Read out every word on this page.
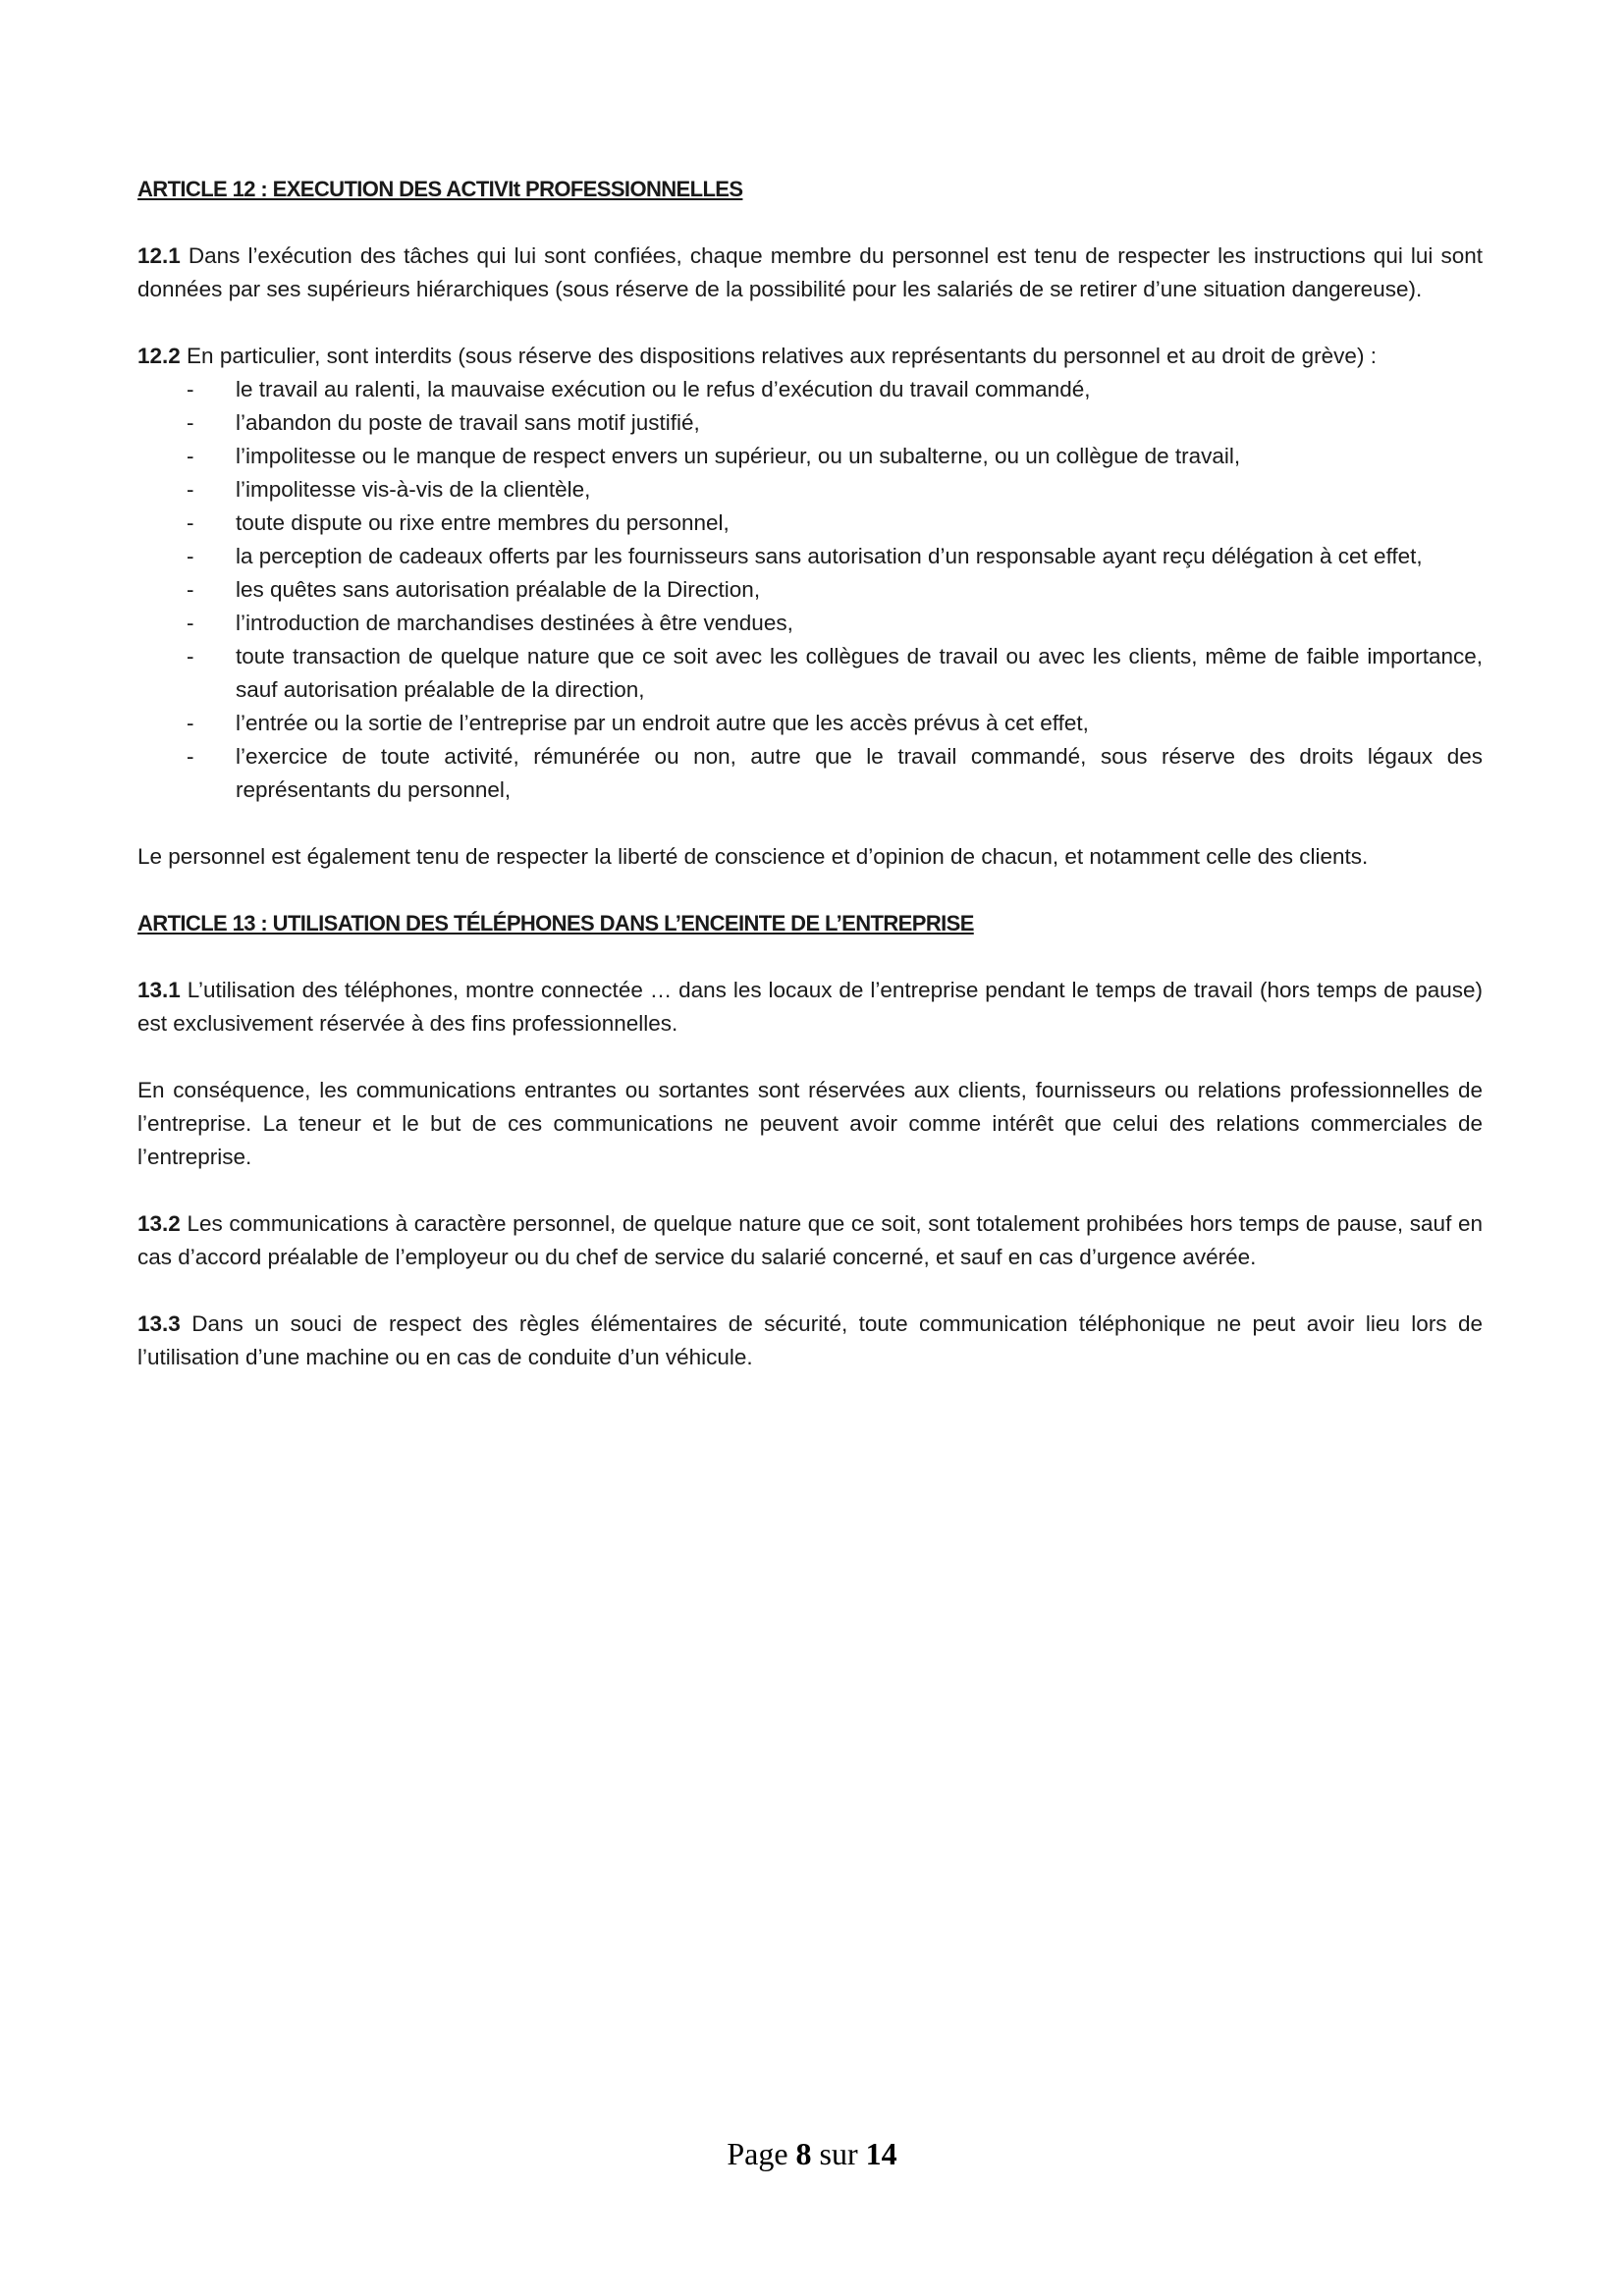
ARTICLE 12 : EXECUTION DES ACTIVIt PROFESSIONNELLES

12.1 Dans l’exécution des tâches qui lui sont confiées, chaque membre du personnel est tenu de respecter les instructions qui lui sont données par ses supérieurs hiérarchiques (sous réserve de la possibilité pour les salariés de se retirer d’une situation dangereuse).

12.2 En particulier, sont interdits (sous réserve des dispositions relatives aux représentants du personnel et au droit de grève) :

- le travail au ralenti, la mauvaise exécution ou le refus d’exécution du travail commandé,
- l’abandon du poste de travail sans motif justifié,
- l’impolitesse ou le manque de respect envers un supérieur, ou un subalterne, ou un collègue de travail,
- l’impolitesse vis-à-vis de la clientèle,
- toute dispute ou rixe entre membres du personnel,
- la perception de cadeaux offerts par les fournisseurs sans autorisation d’un responsable ayant reçu délégation à cet effet,
- les quêtes sans autorisation préalable de la Direction,
- l’introduction de marchandises destinées à être vendues,
- toute transaction de quelque nature que ce soit avec les collègues de travail ou avec les clients, même de faible importance, sauf autorisation préalable de la direction,
- l’entrée ou la sortie de l’entreprise par un endroit autre que les accès prévus à cet effet,
- l’exercice de toute activité, rémunérée ou non, autre que le travail commandé, sous réserve des droits légaux des représentants du personnel,

Le personnel est également tenu de respecter la liberté de conscience et d’opinion de chacun, et notamment celle des clients.

ARTICLE 13 : UTILISATION DES TÉLÉPHONES DANS L’ENCEINTE DE L’ENTREPRISE

13.1 L’utilisation des téléphones, montre connectée … dans les locaux de l’entreprise pendant le temps de travail (hors temps de pause) est exclusivement réservée à des fins professionnelles.

En conséquence, les communications entrantes ou sortantes sont réservées aux clients, fournisseurs ou relations professionnelles de l’entreprise. La teneur et le but de ces communications ne peuvent avoir comme intérêt que celui des relations commerciales de l’entreprise.

13.2 Les communications à caractère personnel, de quelque nature que ce soit, sont totalement prohibées hors temps de pause, sauf en cas d’accord préalable de l’employeur ou du chef de service du salarié concerné, et sauf en cas d’urgence avérée.

13.3 Dans un souci de respect des règles élémentaires de sécurité, toute communication téléphonique ne peut avoir lieu lors de l’utilisation d’une machine ou en cas de conduite d’un véhicule.

Page 8 sur 14
